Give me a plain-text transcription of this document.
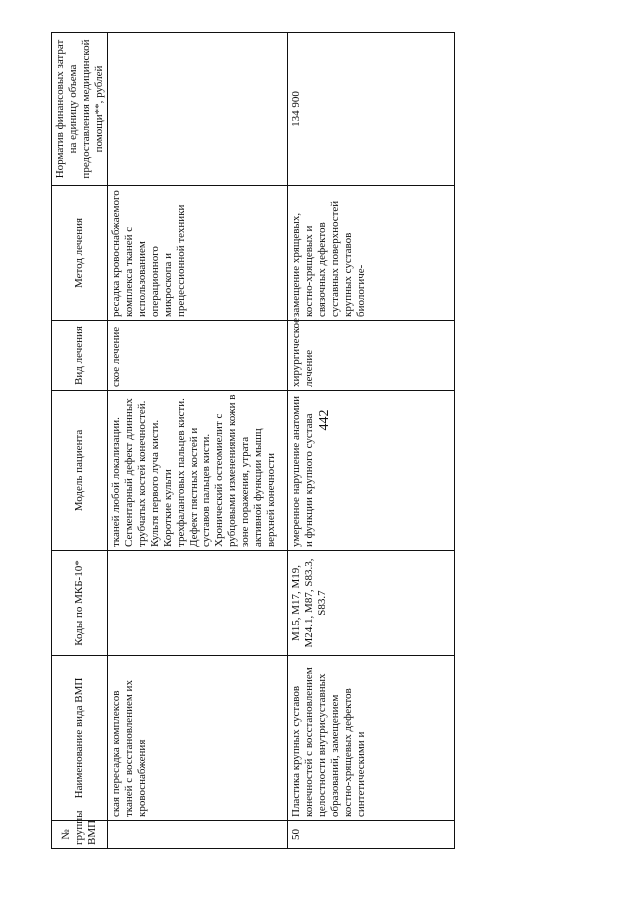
442
№ группы ВМП	Наименование вида ВМП	Коды по МКБ-10*	Модель пациента	Вид лечения	Метод лечения	Норматив финансовых затрат на единицу объема предоставления медицинской помощи**, рублей
	ская пересадка комплексов тканей с восстановлением их кровоснабжения		тканей любой локализации. Сегментарный дефект длинных трубчатых костей конечностей. Культя первого луча кисти. Короткие культи трехфаланговых пальцев кисти. Дефект пястных костей и суставов пальцев кисти. Хронический остеомиелит с рубцовыми изменениями кожи в зоне поражения, утрата активной функции мышц верхней конечности	ское лечение	ресадка кровоснабжаемого комплекса тканей с использованием операционного микроскопа и прецессионной техники	
50	Пластика крупных суставов конечностей с восстановлением целостности внутрисуставных образований, замещением костно-хрящевых дефектов синтетическими и	M15, M17, M19, M24.1, M87, S83.3, S83.7	умеренное нарушение анатомии и функции крупного сустава	хирургическое лечение	замещение хрящевых, костно-хрящевых и связочных дефектов суставных поверхностей крупных суставов биологиче-	134 900
